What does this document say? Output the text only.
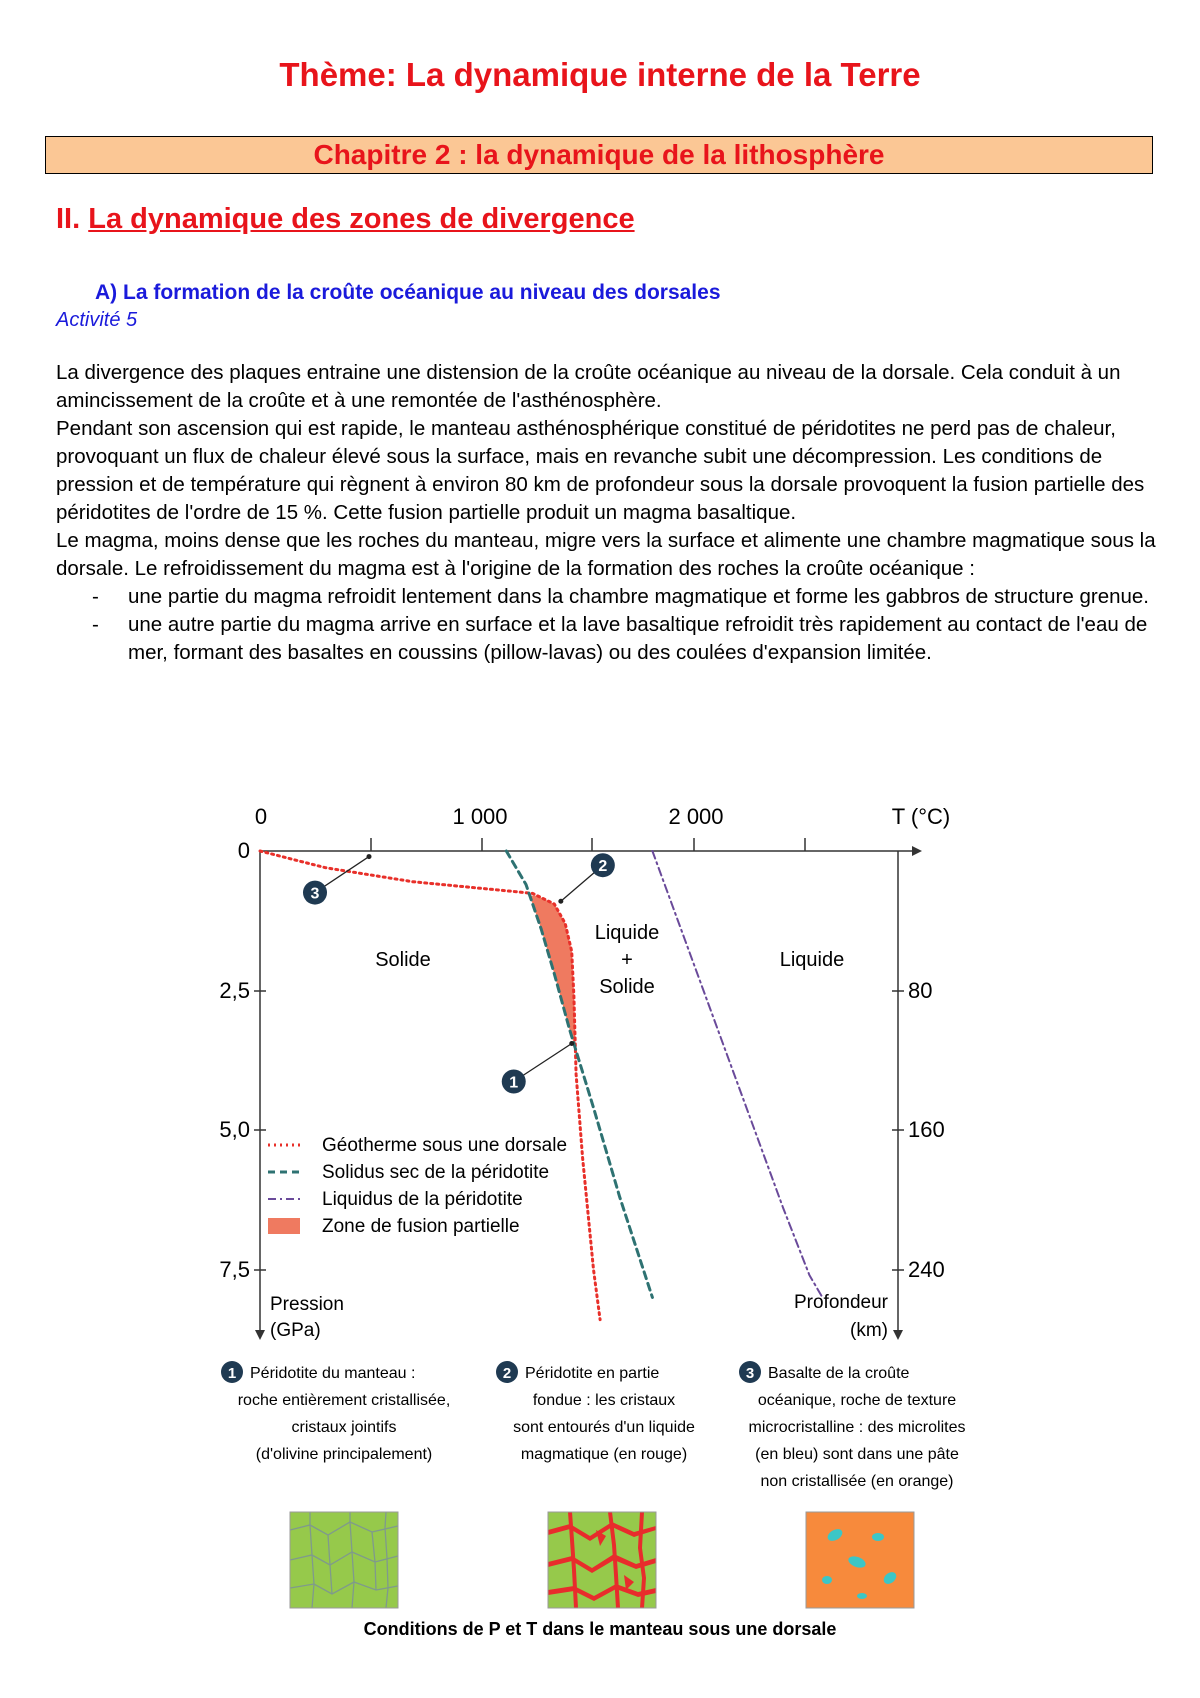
Thème: La dynamique interne de la Terre
Chapitre 2 : la dynamique de la lithosphère
II. La dynamique des zones de divergence
A) La formation de la croûte océanique au niveau des dorsales
Activité 5

La divergence des plaques entraine une distension de la croûte océanique au niveau de la dorsale. Cela conduit à un amincissement de la croûte et à une remontée de l'asthénosphère.

Pendant son ascension qui est rapide, le manteau asthénosphérique constitué de péridotites ne perd pas de chaleur, provoquant un flux de chaleur élevé sous la surface, mais en revanche subit une décompression. Les conditions de pression et de température qui règnent à environ 80 km de profondeur sous la dorsale provoquent la fusion partielle des péridotites de l'ordre de 15 %. Cette fusion partielle produit un magma basaltique.

Le magma, moins dense que les roches du manteau, migre vers la surface et alimente une chambre magmatique sous la dorsale. Le refroidissement du magma est à l'origine de la formation des roches la croûte océanique :

- une partie du magma refroidit lentement dans la chambre magmatique et forme les gabbros de structure grenue.
- une autre partie du magma arrive en surface et la lave basaltique refroidit très rapidement au contact de l'eau de mer, formant des basaltes en coussins (pillow-lavas) ou des coulées d'expansion limitée.
0	1 000	2 000	T (°C)
0
2,5
5,0
7,5
80
160
240
Pression
(GPa)
Profondeur
(km)
Solide
Liquide
+
Solide
Liquide
1
2
3
Géotherme sous une dorsale
Solidus sec de la péridotite
Liquidus de la péridotite
Zone de fusion partielle
1 Péridotite du manteau :
roche entièrement cristallisée,
cristaux jointifs
(d'olivine principalement)
2 Péridotite en partie
fondue : les cristaux
sont entourés d'un liquide
magmatique (en rouge)
3 Basalte de la croûte
océanique, roche de texture
microcristalline : des microlites
(en bleu) sont dans une pâte
non cristallisée (en orange)
Conditions de P et T dans le manteau sous une dorsale
